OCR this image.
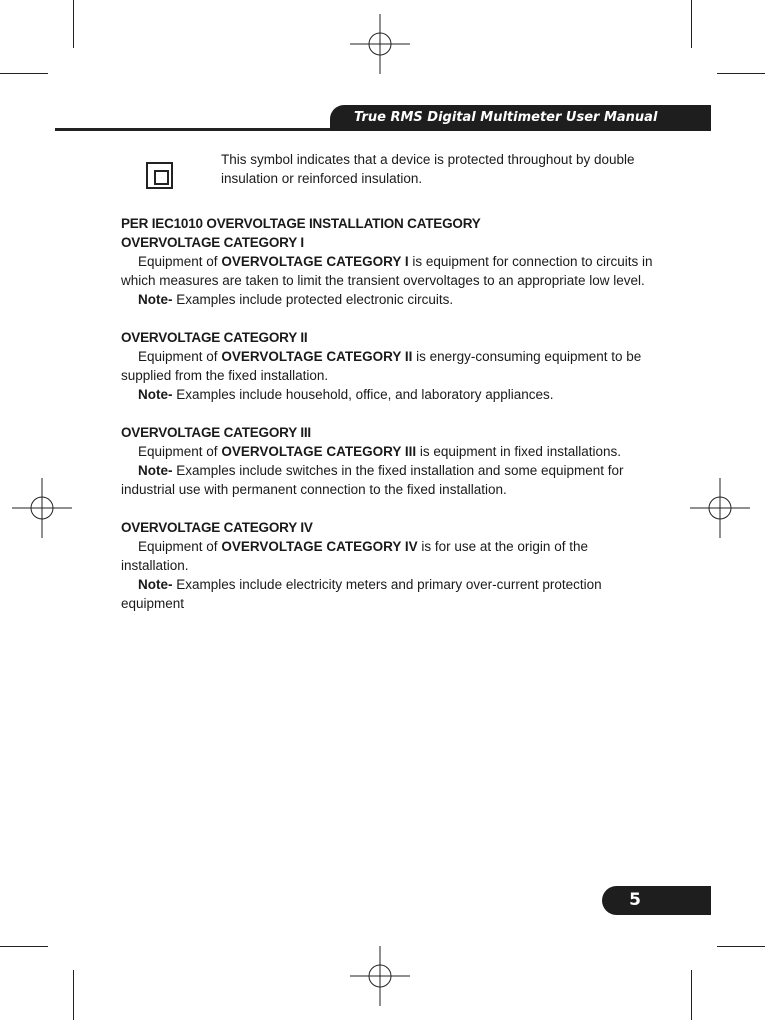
True RMS Digital Multimeter User Manual
This symbol indicates that a device is protected throughout by double insulation or reinforced insulation.
PER IEC1010 OVERVOLTAGE INSTALLATION CATEGORY
OVERVOLTAGE CATEGORY I
Equipment of OVERVOLTAGE CATEGORY I is equipment for connection to circuits in which measures are taken to limit the transient overvoltages to an appropriate low level.
Note- Examples include protected electronic circuits.
OVERVOLTAGE CATEGORY II
Equipment of OVERVOLTAGE CATEGORY II is energy-consuming equipment to be supplied from the fixed installation.
Note- Examples include household, office, and laboratory appliances.
OVERVOLTAGE CATEGORY III
Equipment of OVERVOLTAGE CATEGORY III is equipment in fixed installations.
Note- Examples include switches in the fixed installation and some equipment for industrial use with permanent connection to the fixed installation.
OVERVOLTAGE CATEGORY IV
Equipment of OVERVOLTAGE CATEGORY IV is for use at the origin of the installation.
Note- Examples include electricity meters and primary over-current protection equipment
5
